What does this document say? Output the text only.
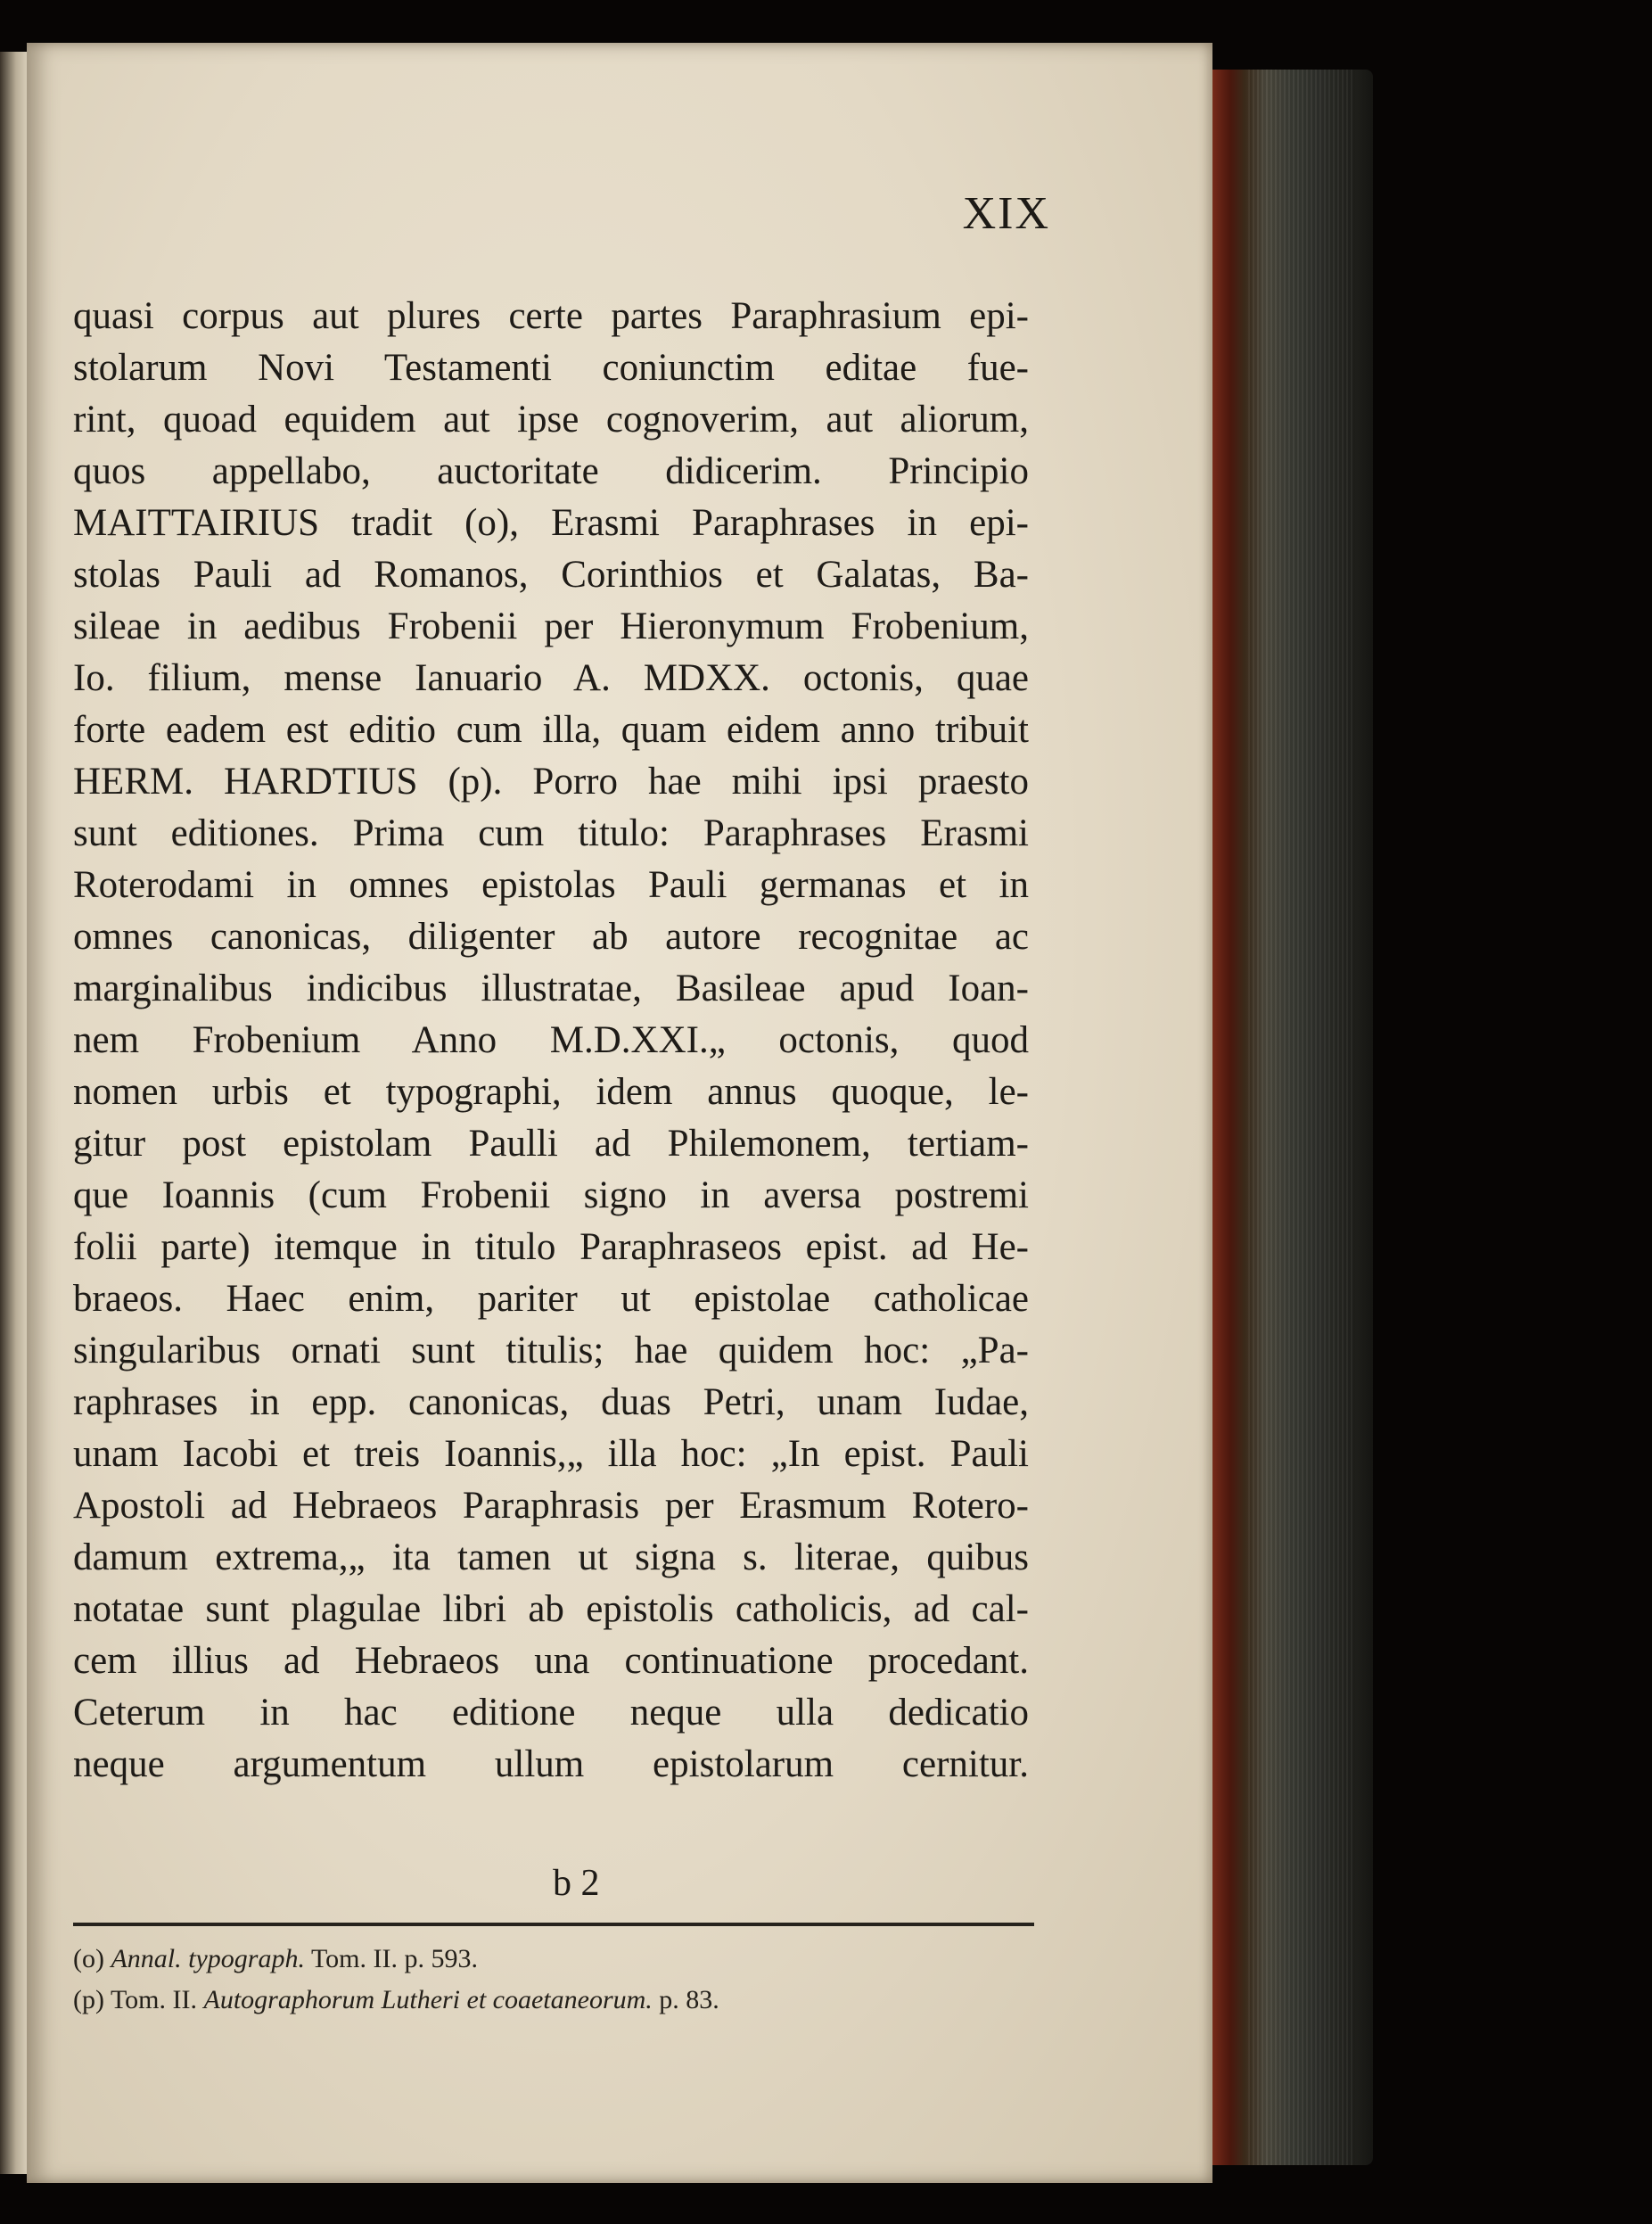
XIX
quasi corpus aut plures certe partes Paraphrasium epi-
stolarum Novi Testamenti coniunctim editae fue-
rint, quoad equidem aut ipse cognoverim, aut aliorum,
quos appellabo, auctoritate didicerim. Principio
MAITTAIRIUS tradit (o), Erasmi Paraphrases in epi-
stolas Pauli ad Romanos, Corinthios et Galatas, Ba-
sileae in aedibus Frobenii per Hieronymum Frobenium,
Io. filium, mense Ianuario A. MDXX. octonis, quae
forte eadem est editio cum illa, quam eidem anno tribuit
HERM. HARDTIUS (p). Porro hae mihi ipsi praesto
sunt editiones. Prima cum titulo: Paraphrases Erasmi
Roterodami in omnes epistolas Pauli germanas et in
omnes canonicas, diligenter ab autore recognitae ac
marginalibus indicibus illustratae, Basileae apud Ioan-
nem Frobenium Anno M.D.XXI.„ octonis, quod
nomen urbis et typographi, idem annus quoque, le-
gitur post epistolam Paulli ad Philemonem, tertiam-
que Ioannis (cum Frobenii signo in aversa postremi
folii parte) itemque in titulo Paraphraseos epist. ad He-
braeos. Haec enim, pariter ut epistolae catholicae
singularibus ornati sunt titulis; hae quidem hoc: „Pa-
raphrases in epp. canonicas, duas Petri, unam Iudae,
unam Iacobi et treis Ioannis,„ illa hoc: „In epist. Pauli
Apostoli ad Hebraeos Paraphrasis per Erasmum Rotero-
damum extrema,„ ita tamen ut signa s. literae, quibus
notatae sunt plagulae libri ab epistolis catholicis, ad cal-
cem illius ad Hebraeos una continuatione procedant.
Ceterum in hac editione neque ulla dedicatio
neque argumentum ullum epistolarum cernitur.
b 2
(o) Annal. typograph. Tom. II. p. 593.
(p) Tom. II. Autographorum Lutheri et coaetaneorum. p. 83.
